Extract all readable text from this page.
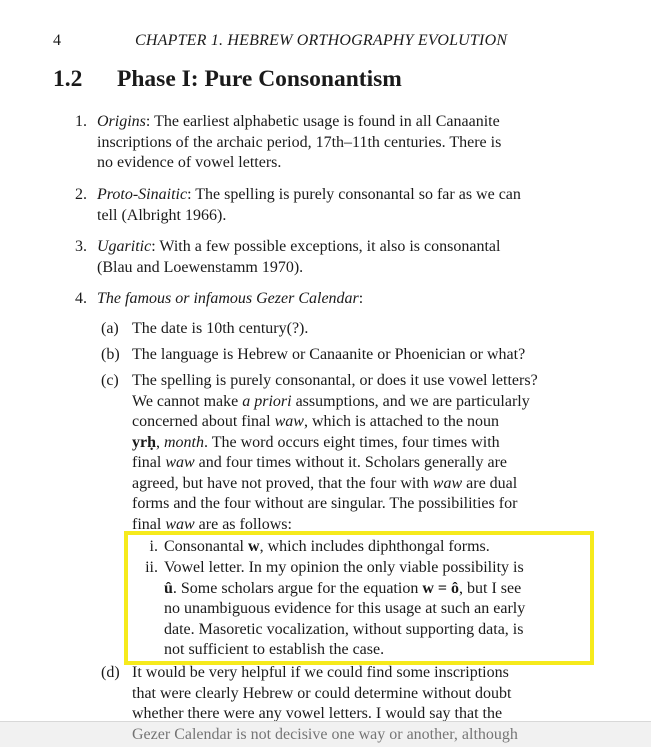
4	CHAPTER 1. HEBREW ORTHOGRAPHY EVOLUTION
1.2 Phase I: Pure Consonantism
1. Origins: The earliest alphabetic usage is found in all Canaanite
inscriptions of the archaic period, 17th–11th centuries. There is
no evidence of vowel letters.
2. Proto-Sinaitic: The spelling is purely consonantal so far as we can
tell (Albright 1966).
3. Ugaritic: With a few possible exceptions, it also is consonantal
(Blau and Loewenstamm 1970).
4. The famous or infamous Gezer Calendar:
(a) The date is 10th century(?).
(b) The language is Hebrew or Canaanite or Phoenician or what?
(c) The spelling is purely consonantal, or does it use vowel letters?
We cannot make a priori assumptions, and we are particularly
concerned about final waw, which is attached to the noun
yrḥ, month. The word occurs eight times, four times with
final waw and four times without it. Scholars generally are
agreed, but have not proved, that the four with waw are dual
forms and the four without are singular. The possibilities for
final waw are as follows:
i. Consonantal w, which includes diphthongal forms.
ii. Vowel letter. In my opinion the only viable possibility is
û. Some scholars argue for the equation w = ô, but I see
no unambiguous evidence for this usage at such an early
date. Masoretic vocalization, without supporting data, is
not sufficient to establish the case.
(d) It would be very helpful if we could find some inscriptions
that were clearly Hebrew or could determine without doubt
whether there were any vowel letters. I would say that the
Gezer Calendar is not decisive one way or another, although
